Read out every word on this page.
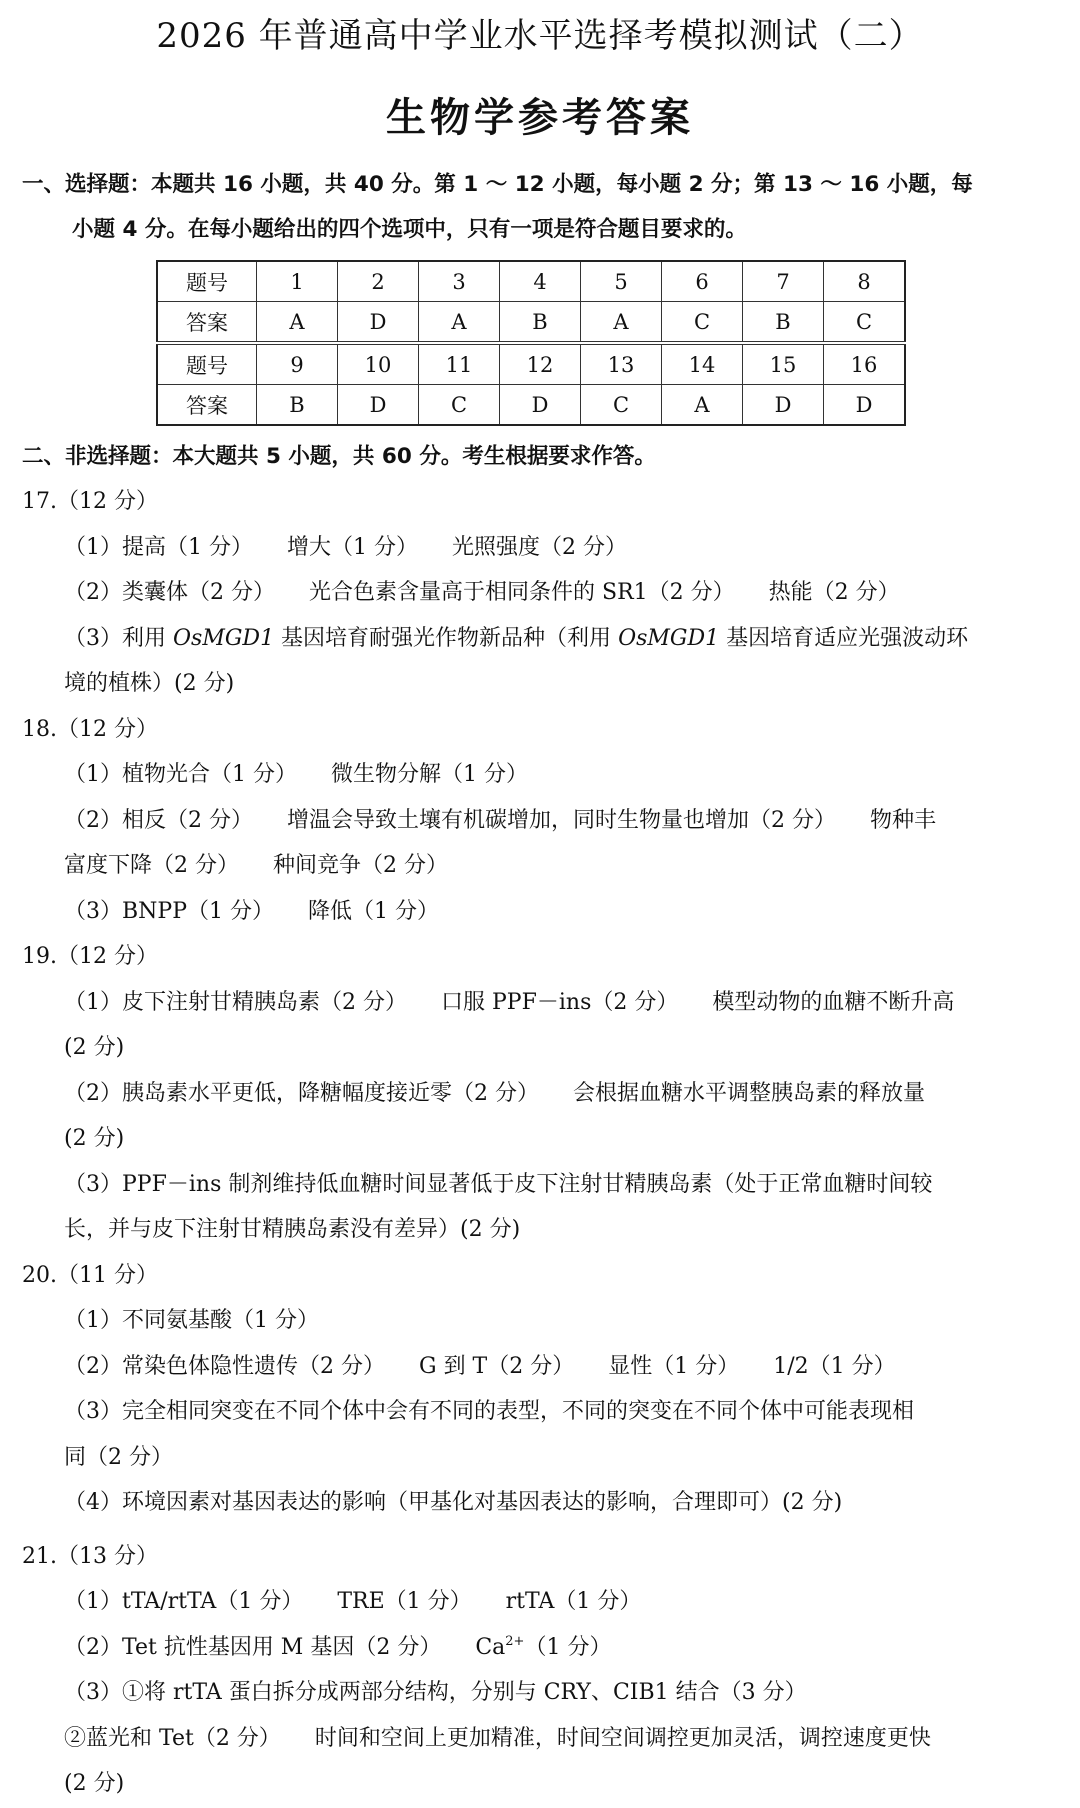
2026 年普通高中学业水平选择考模拟测试（二）
生物学参考答案
一、选择题：本题共 16 小题，共 40 分。第 1 ～ 12 小题，每小题 2 分；第 13 ～ 16 小题，每
小题 4 分。在每小题给出的四个选项中，只有一项是符合题目要求的。
题号	1	2	3	4	5	6	7	8
答案	A	D	A	B	A	C	B	C
题号	9	10	11	12	13	14	15	16
答案	B	D	C	D	C	A	D	D
二、非选择题：本大题共 5 小题，共 60 分。考生根据要求作答。
17.（12 分）
（1）提高（1 分） 增大（1 分） 光照强度（2 分）
（2）类囊体（2 分） 光合色素含量高于相同条件的 SR1（2 分） 热能（2 分）
（3）利用 OsMGD1 基因培育耐强光作物新品种（利用 OsMGD1 基因培育适应光强波动环
境的植株）(2 分)
18.（12 分）
（1）植物光合（1 分） 微生物分解（1 分）
（2）相反（2 分） 增温会导致土壤有机碳增加，同时生物量也增加（2 分） 物种丰
富度下降（2 分） 种间竞争（2 分）
（3）BNPP（1 分） 降低（1 分）
19.（12 分）
（1）皮下注射甘精胰岛素（2 分） 口服 PPF－ins（2 分） 模型动物的血糖不断升高
(2 分)
（2）胰岛素水平更低，降糖幅度接近零（2 分） 会根据血糖水平调整胰岛素的释放量
(2 分)
（3）PPF－ins 制剂维持低血糖时间显著低于皮下注射甘精胰岛素（处于正常血糖时间较
长，并与皮下注射甘精胰岛素没有差异）(2 分)
20.（11 分）
（1）不同氨基酸（1 分）
（2）常染色体隐性遗传（2 分） G 到 T（2 分） 显性（1 分） 1/2（1 分）
（3）完全相同突变在不同个体中会有不同的表型，不同的突变在不同个体中可能表现相
同（2 分）
（4）环境因素对基因表达的影响（甲基化对基因表达的影响，合理即可）(2 分)
21.（13 分）
（1）tTA/rtTA（1 分） TRE（1 分） rtTA（1 分）
（2）Tet 抗性基因用 M 基因（2 分） $Ca^{2+}(1$ 分）
（3）①将 rtTA 蛋白拆分成两部分结构，分别与 CRY、CIB1 结合（3 分）
②蓝光和 Tet（2 分） 时间和空间上更加精准，时间空间调控更加灵活，调控速度更快
(2 分)
